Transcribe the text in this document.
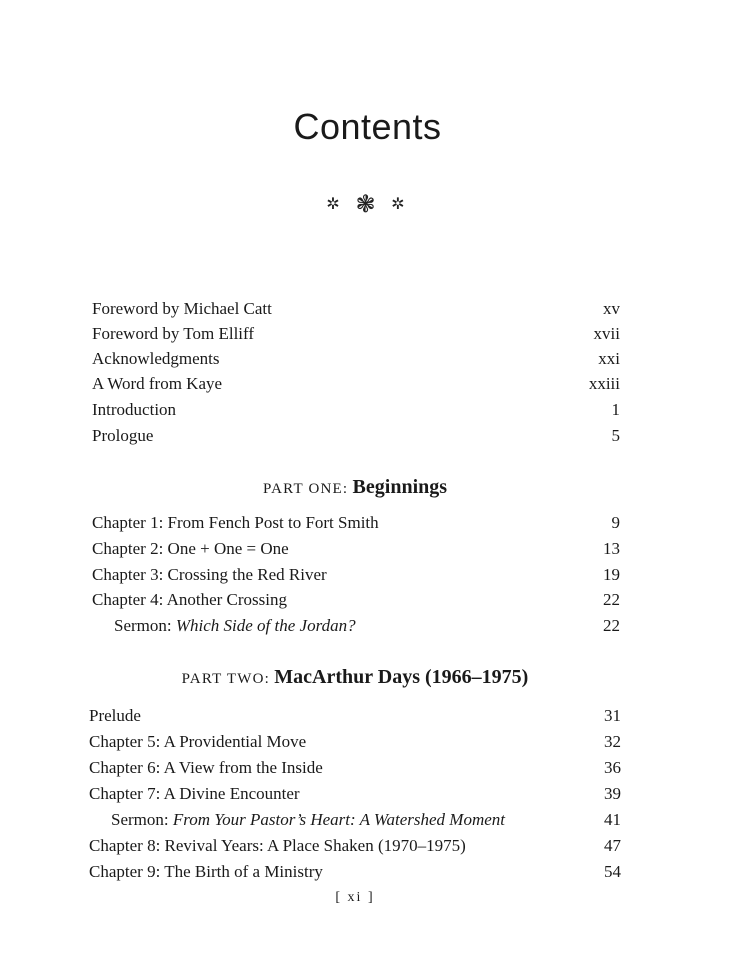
Contents
✲ ❃ ✲
Foreword by Michael Catt	xv
Foreword by Tom Elliff	xvii
Acknowledgments	xxi
A Word from Kaye	xxiii
Introduction	1
Prologue	5
PART ONE: Beginnings
Chapter 1: From Fench Post to Fort Smith	9
Chapter 2: One + One = One	13
Chapter 3: Crossing the Red River	19
Chapter 4: Another Crossing	22
Sermon: Which Side of the Jordan?	22
PART TWO: MacArthur Days (1966–1975)
Prelude	31
Chapter 5: A Providential Move	32
Chapter 6: A View from the Inside	36
Chapter 7: A Divine Encounter	39
Sermon: From Your Pastor’s Heart: A Watershed Moment	41
Chapter 8: Revival Years: A Place Shaken (1970–1975)	47
Chapter 9: The Birth of a Ministry	54
[ xi ]
